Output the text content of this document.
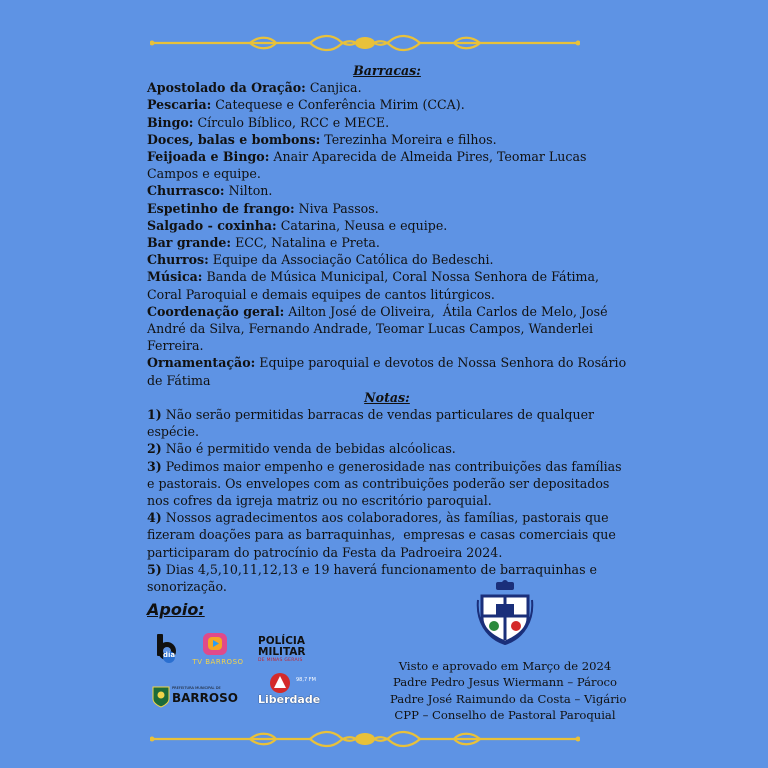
Barracas:

Apostolado da Oração: Canjica.

Pescaria: Catequese e Conferência Mirim (CCA).

Bingo: Círculo Bíblico, RCC e MECE.

Doces, balas e bombons: Terezinha Moreira e filhos.

Feijoada e Bingo: Anair Aparecida de Almeida Pires, Teomar Lucas Campos e equipe.

Churrasco: Nilton.

Espetinho de frango: Niva Passos.

Salgado - coxinha: Catarina, Neusa e equipe.

Bar grande: ECC, Natalina e Preta.

Churros: Equipe da Associação Católica do Bedeschi.

Música: Banda de Música Municipal, Coral Nossa Senhora de Fátima, Coral Paroquial e demais equipes de cantos litúrgicos.

Coordenação geral: Ailton José de Oliveira,  Átila Carlos de Melo, José André da Silva, Fernando Andrade, Teomar Lucas Campos, Wanderlei Ferreira.

Ornamentação: Equipe paroquial e devotos de Nossa Senhora do Rosário de Fátima

Notas:

1) Não serão permitidas barracas de vendas particulares de qualquer espécie.

2) Não é permitido venda de bebidas alcóolicas.

3) Pedimos maior empenho e generosidade nas contribuições das famílias e pastorais. Os envelopes com as contribuições poderão ser depositados nos cofres da igreja matriz ou no escritório paroquial.

4) Nossos agradecimentos aos colaboradores, às famílias, pastorais que fizeram doações para as barraquinhas,  empresas e casas comerciais que participaram do patrocínio da Festa da Padroeira 2024.

5) Dias 4,5,10,11,12,13 e 19 haverá funcionamento de barraquinhas e sonorização.

Apoio:
dia
TV BARROSO
POLÍCIA
MILITAR
DE MINAS GERAIS
PREFEITURA MUNICIPAL DE
BARROSO
98,7 FM
Liberdade
Visto e aprovado em Março de 2024
Padre Pedro Jesus Wiermann – Pároco
Padre José Raimundo da Costa – Vigário
CPP – Conselho de Pastoral Paroquial
